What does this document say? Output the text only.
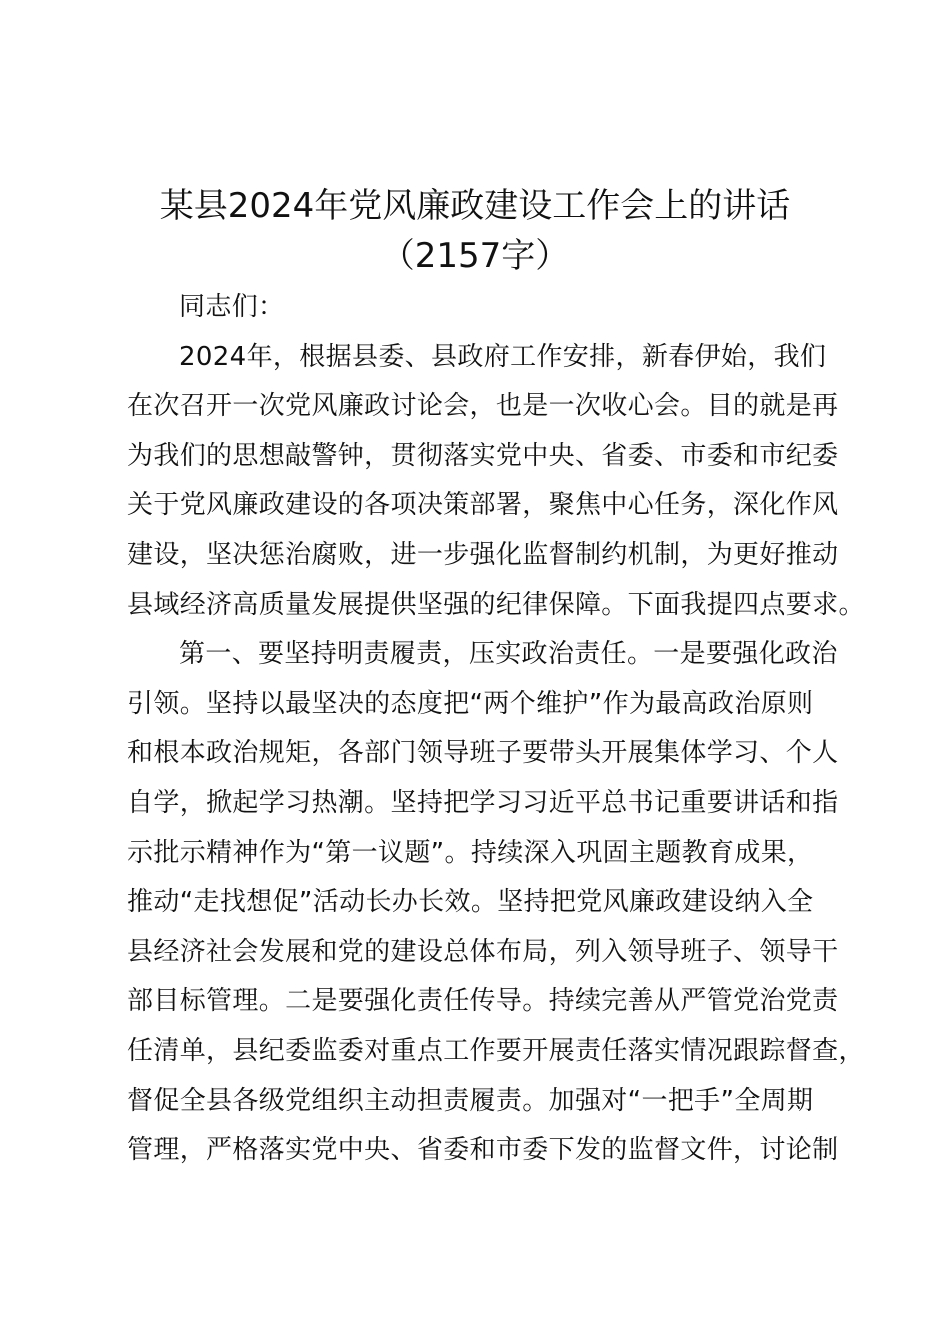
某县2024年党风廉政建设工作会上的讲话
（2157字）
同志们：
2024年，根据县委、县政府工作安排，新春伊始，我们
在次召开一次党风廉政讨论会，也是一次收心会。目的就是再
为我们的思想敲警钟，贯彻落实党中央、省委、市委和市纪委
关于党风廉政建设的各项决策部署，聚焦中心任务，深化作风
建设，坚决惩治腐败，进一步强化监督制约机制，为更好推动
县域经济高质量发展提供坚强的纪律保障。下面我提四点要求。
第一、要坚持明责履责，压实政治责任。一是要强化政治
引领。坚持以最坚决的态度把“两个维护”作为最高政治原则
和根本政治规矩，各部门领导班子要带头开展集体学习、个人
自学，掀起学习热潮。坚持把学习习近平总书记重要讲话和指
示批示精神作为“第一议题”。持续深入巩固主题教育成果，
推动“走找想促”活动长办长效。坚持把党风廉政建设纳入全
县经济社会发展和党的建设总体布局，列入领导班子、领导干
部目标管理。二是要强化责任传导。持续完善从严管党治党责
任清单，县纪委监委对重点工作要开展责任落实情况跟踪督查，
督促全县各级党组织主动担责履责。加强对“一把手”全周期
管理，严格落实党中央、省委和市委下发的监督文件，讨论制
